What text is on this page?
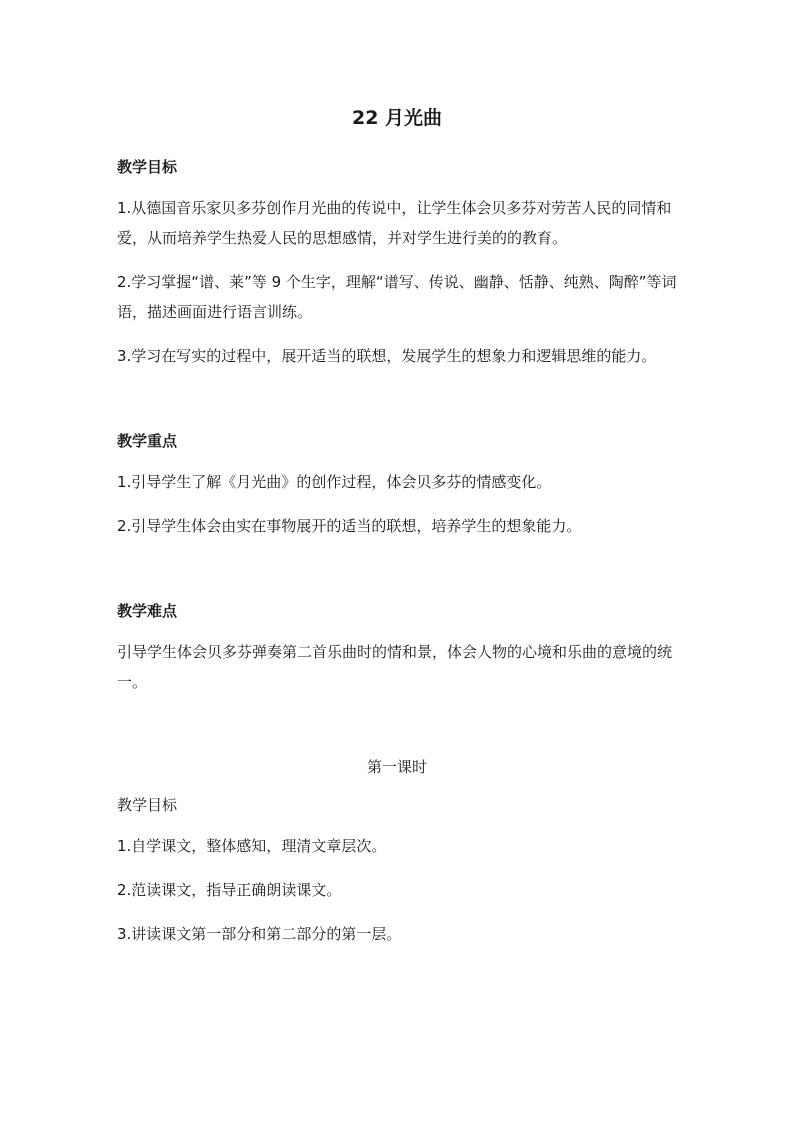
22 月光曲
教学目标
1.从德国音乐家贝多芬创作月光曲的传说中，让学生体会贝多芬对劳苦人民的同情和爱，从而培养学生热爱人民的思想感情，并对学生进行美的的教育。
2.学习掌握“谱、莱”等 9 个生字，理解“谱写、传说、幽静、恬静、纯熟、陶醉”等词语，描述画面进行语言训练。
3.学习在写实的过程中，展开适当的联想，发展学生的想象力和逻辑思维的能力。
教学重点
1.引导学生了解《月光曲》的创作过程，体会贝多芬的情感变化。
2.引导学生体会由实在事物展开的适当的联想，培养学生的想象能力。
教学难点
引导学生体会贝多芬弹奏第二首乐曲时的情和景，体会人物的心境和乐曲的意境的统一。
第一课时
教学目标
1.自学课文，整体感知，理清文章层次。
2.范读课文，指导正确朗读课文。
3.讲读课文第一部分和第二部分的第一层。
